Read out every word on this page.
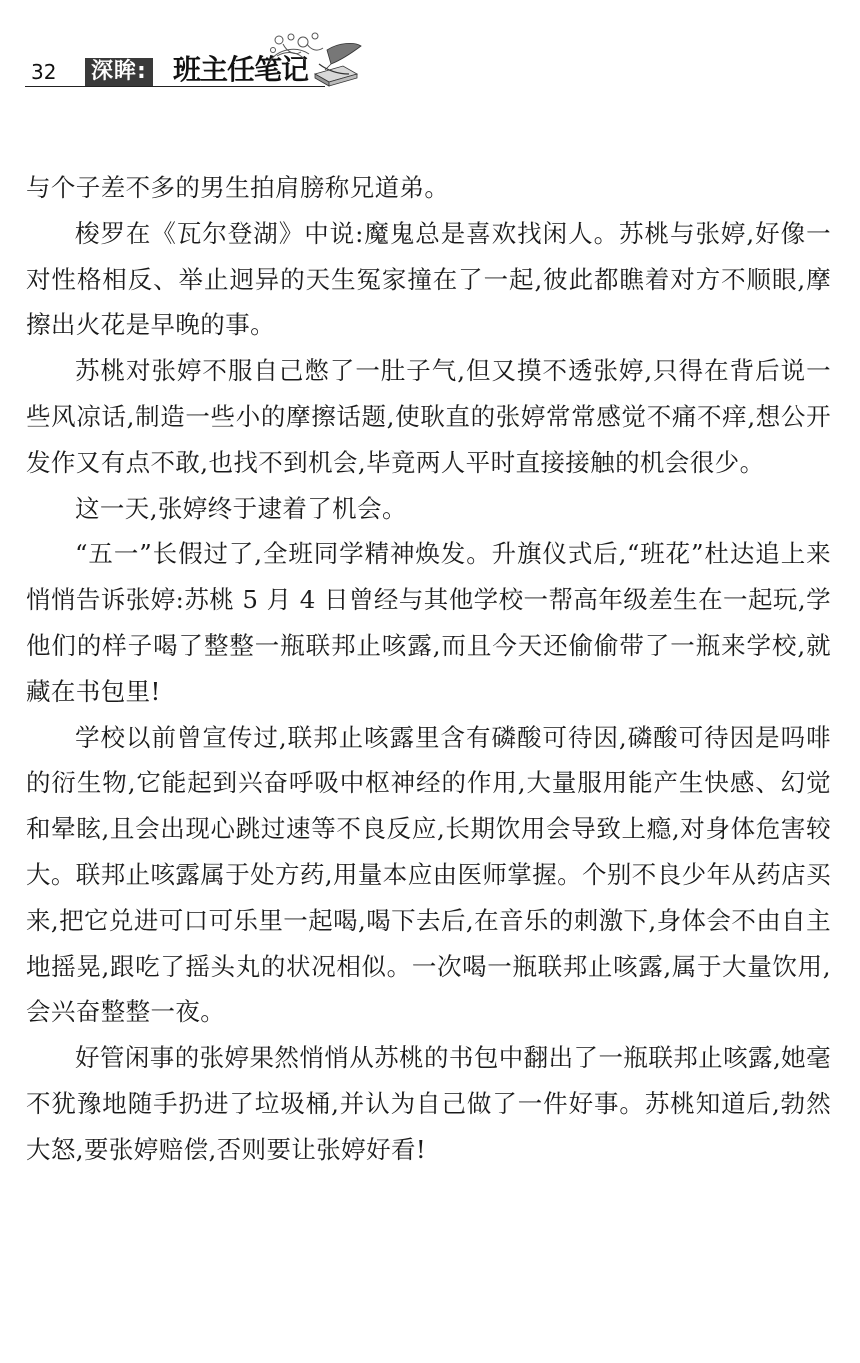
32 深眸: 班主任笔记

与个子差不多的男生拍肩膀称兄道弟。

梭罗在《瓦尔登湖》中说:魔鬼总是喜欢找闲人。苏桃与张婷,好像一对性格相反、举止迥异的天生冤家撞在了一起,彼此都瞧着对方不顺眼,摩擦出火花是早晚的事。

苏桃对张婷不服自己憋了一肚子气,但又摸不透张婷,只得在背后说一些风凉话,制造一些小的摩擦话题,使耿直的张婷常常感觉不痛不痒,想公开发作又有点不敢,也找不到机会,毕竟两人平时直接接触的机会很少。

这一天,张婷终于逮着了机会。

“五一”长假过了,全班同学精神焕发。升旗仪式后,“班花”杜达追上来悄悄告诉张婷:苏桃 5 月 4 日曾经与其他学校一帮高年级差生在一起玩,学他们的样子喝了整整一瓶联邦止咳露,而且今天还偷偷带了一瓶来学校,就藏在书包里!

学校以前曾宣传过,联邦止咳露里含有磷酸可待因,磷酸可待因是吗啡的衍生物,它能起到兴奋呼吸中枢神经的作用,大量服用能产生快感、幻觉和晕眩,且会出现心跳过速等不良反应,长期饮用会导致上瘾,对身体危害较大。联邦止咳露属于处方药,用量本应由医师掌握。个别不良少年从药店买来,把它兑进可口可乐里一起喝,喝下去后,在音乐的刺激下,身体会不由自主地摇晃,跟吃了摇头丸的状况相似。一次喝一瓶联邦止咳露,属于大量饮用,会兴奋整整一夜。

好管闲事的张婷果然悄悄从苏桃的书包中翻出了一瓶联邦止咳露,她毫不犹豫地随手扔进了垃圾桶,并认为自己做了一件好事。苏桃知道后,勃然大怒,要张婷赔偿,否则要让张婷好看!
